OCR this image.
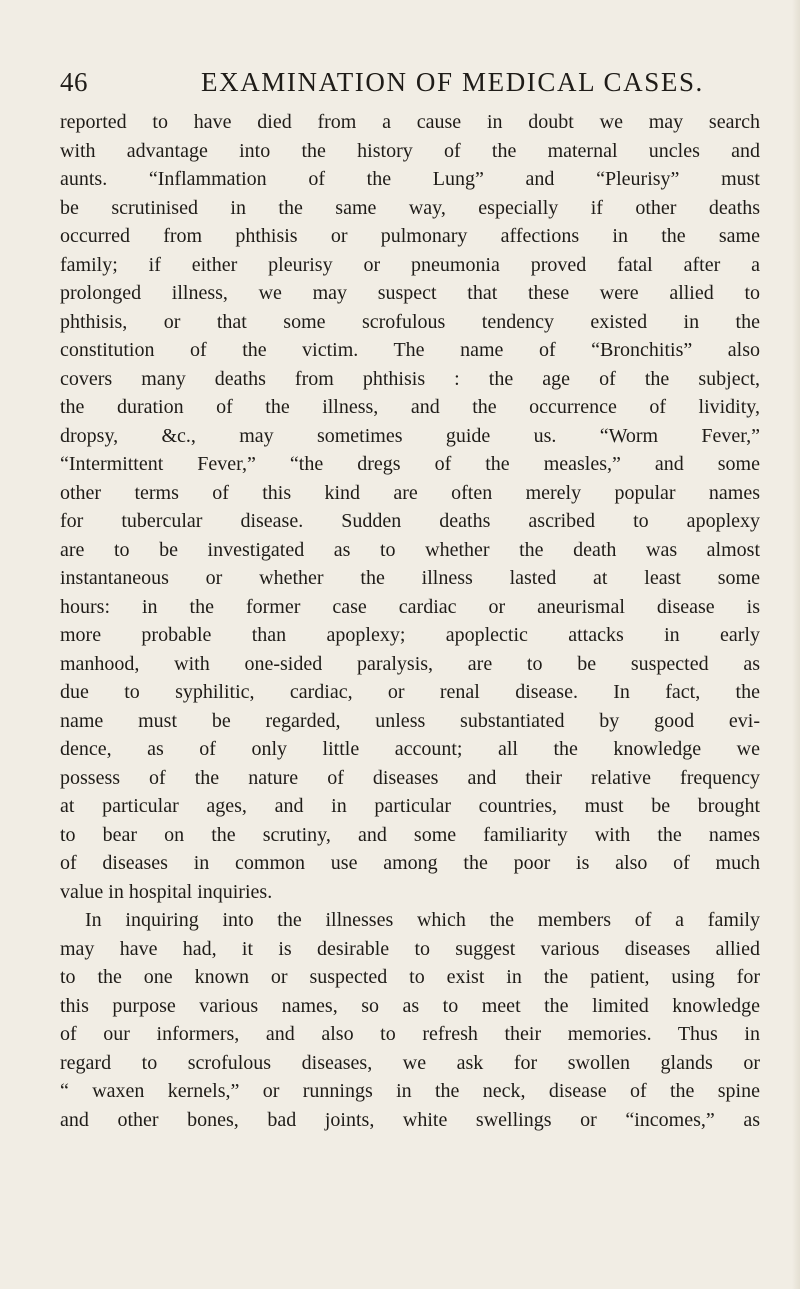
46	EXAMINATION OF MEDICAL CASES.
reported to have died from a cause in doubt we may search
with advantage into the history of the maternal uncles and
aunts. “Inflammation of the Lung” and “Pleurisy” must
be scrutinised in the same way, especially if other deaths
occurred from phthisis or pulmonary affections in the same
family; if either pleurisy or pneumonia proved fatal after a
prolonged illness, we may suspect that these were allied to
phthisis, or that some scrofulous tendency existed in the
constitution of the victim. The name of “Bronchitis” also
covers many deaths from phthisis : the age of the subject,
the duration of the illness, and the occurrence of lividity,
dropsy, &c., may sometimes guide us. “Worm Fever,”
“Intermittent Fever,” “the dregs of the measles,” and some
other terms of this kind are often merely popular names
for tubercular disease. Sudden deaths ascribed to apoplexy
are to be investigated as to whether the death was almost
instantaneous or whether the illness lasted at least some
hours: in the former case cardiac or aneurismal disease is
more probable than apoplexy; apoplectic attacks in early
manhood, with one-sided paralysis, are to be suspected as
due to syphilitic, cardiac, or renal disease. In fact, the
name must be regarded, unless substantiated by good evi-
dence, as of only little account; all the knowledge we
possess of the nature of diseases and their relative frequency
at particular ages, and in particular countries, must be brought
to bear on the scrutiny, and some familiarity with the names
of diseases in common use among the poor is also of much
value in hospital inquiries.
In inquiring into the illnesses which the members of a family
may have had, it is desirable to suggest various diseases allied
to the one known or suspected to exist in the patient, using for
this purpose various names, so as to meet the limited knowledge
of our informers, and also to refresh their memories. Thus in
regard to scrofulous diseases, we ask for swollen glands or
“ waxen kernels,” or runnings in the neck, disease of the spine
and other bones, bad joints, white swellings or “incomes,” as
